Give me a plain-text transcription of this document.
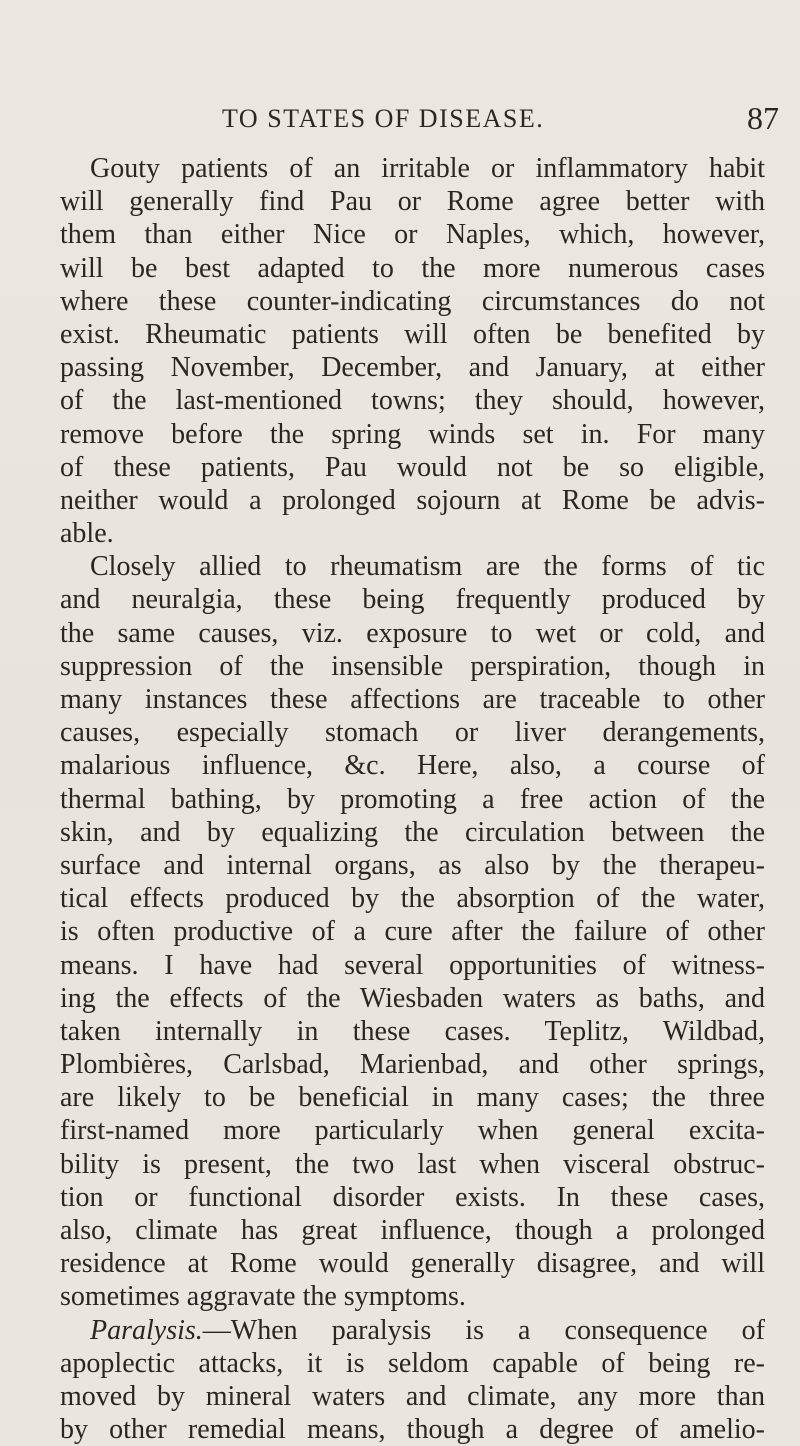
TO STATES OF DISEASE.	87
Gouty patients of an irritable or inflammatory habit
will generally find Pau or Rome agree better with
them than either Nice or Naples, which, however,
will be best adapted to the more numerous cases
where these counter-indicating circumstances do not
exist. Rheumatic patients will often be benefited by
passing November, December, and January, at either
of the last-mentioned towns; they should, however,
remove before the spring winds set in. For many
of these patients, Pau would not be so eligible,
neither would a prolonged sojourn at Rome be advis-
able.
Closely allied to rheumatism are the forms of tic
and neuralgia, these being frequently produced by
the same causes, viz. exposure to wet or cold, and
suppression of the insensible perspiration, though in
many instances these affections are traceable to other
causes, especially stomach or liver derangements,
malarious influence, &c. Here, also, a course of
thermal bathing, by promoting a free action of the
skin, and by equalizing the circulation between the
surface and internal organs, as also by the therapeu-
tical effects produced by the absorption of the water,
is often productive of a cure after the failure of other
means. I have had several opportunities of witness-
ing the effects of the Wiesbaden waters as baths, and
taken internally in these cases. Teplitz, Wildbad,
Plombières, Carlsbad, Marienbad, and other springs,
are likely to be beneficial in many cases; the three
first-named more particularly when general excita-
bility is present, the two last when visceral obstruc-
tion or functional disorder exists. In these cases,
also, climate has great influence, though a prolonged
residence at Rome would generally disagree, and will
sometimes aggravate the symptoms.
Paralysis.—When paralysis is a consequence of
apoplectic attacks, it is seldom capable of being re-
moved by mineral waters and climate, any more than
by other remedial means, though a degree of amelio-
